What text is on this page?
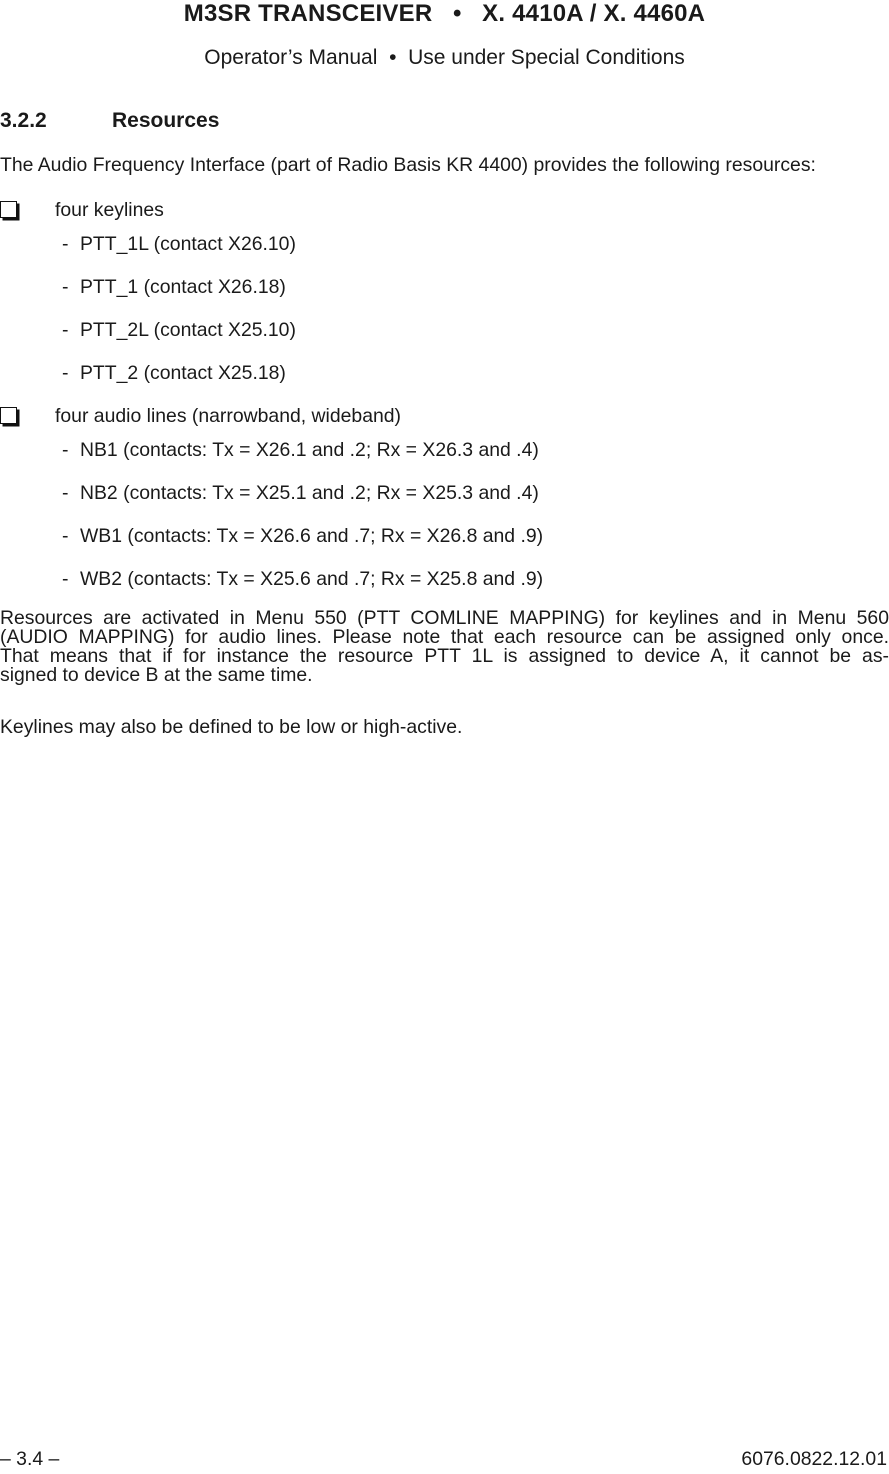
M3SR TRANSCEIVER   •   X. 4410A / X. 4460A
Operator’s Manual  •  Use under Special Conditions
3.2.2	Resources
The Audio Frequency Interface (part of Radio Basis KR 4400) provides the following resources:
four keylines
- PTT_1L (contact X26.10)
- PTT_1 (contact X26.18)
- PTT_2L (contact X25.10)
- PTT_2 (contact X25.18)
four audio lines (narrowband, wideband)
- NB1 (contacts: Tx = X26.1 and .2; Rx = X26.3 and .4)
- NB2 (contacts: Tx = X25.1 and .2; Rx = X25.3 and .4)
- WB1 (contacts: Tx = X26.6 and .7; Rx = X26.8 and .9)
- WB2 (contacts: Tx = X25.6 and .7; Rx = X25.8 and .9)
Resources are activated in Menu 550 (PTT COMLINE MAPPING) for keylines and in Menu 560
(AUDIO MAPPING) for audio lines. Please note that each resource can be assigned only once.
That means that if for instance the resource PTT 1L is assigned to device A, it cannot be as-
signed to device B at the same time.
Keylines may also be defined to be low or high-active.
– 3.4 –	6076.0822.12.01
